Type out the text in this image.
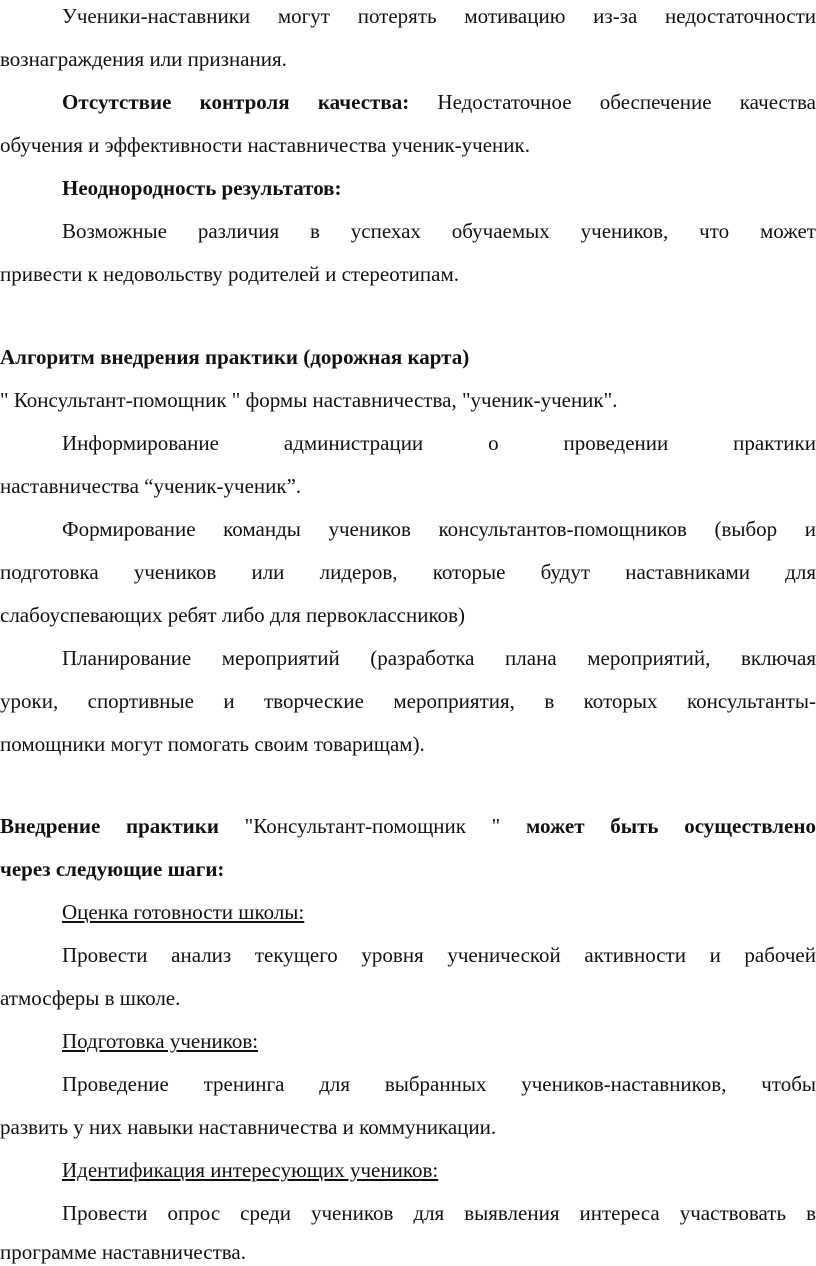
Ученики-наставники могут потерять мотивацию из-за недостаточности
вознаграждения или признания.
Отсутствие контроля качества: Недостаточное обеспечение качества
обучения и эффективности наставничества ученик-ученик.
Неоднородность результатов:
Возможные различия в успехах обучаемых учеников, что может
привести к недовольству родителей и стереотипам.
Алгоритм внедрения практики (дорожная карта)
" Консультант-помощник " формы наставничества, "ученик-ученик".
Информирование администрации о проведении практики
наставничества “ученик-ученик”.
Формирование команды учеников консультантов-помощников (выбор и
подготовка учеников или лидеров, которые будут наставниками для
слабоуспевающих ребят либо для первоклассников)
Планирование мероприятий (разработка плана мероприятий, включая
уроки, спортивные и творческие мероприятия, в которых консультанты-
помощники могут помогать своим товарищам).
Внедрение практики "Консультант-помощник " может быть осуществлено
через следующие шаги:
Оценка готовности школы:
Провести анализ текущего уровня ученической активности и рабочей
атмосферы в школе.
Подготовка учеников:
Проведение тренинга для выбранных учеников-наставников, чтобы
развить у них навыки наставничества и коммуникации.
Идентификация интересующих учеников:
Провести опрос среди учеников для выявления интереса участвовать в
программе наставничества.
